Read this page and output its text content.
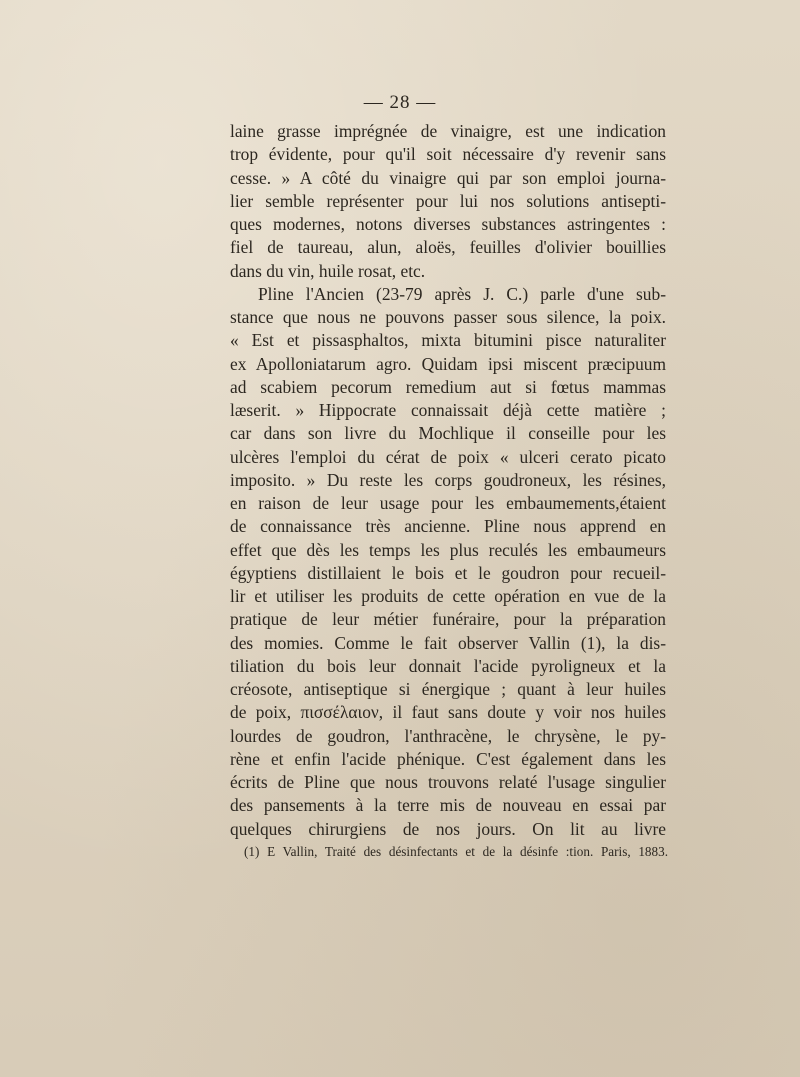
— 28 —
laine grasse imprégnée de vinaigre, est une indication
trop évidente, pour qu'il soit nécessaire d'y revenir sans
cesse. » A côté du vinaigre qui par son emploi journa-
lier semble représenter pour lui nos solutions antisepti-
ques modernes, notons diverses substances astringentes :
fiel de taureau, alun, aloës, feuilles d'olivier bouillies
dans du vin, huile rosat, etc.
Pline l'Ancien (23-79 après J. C.) parle d'une sub-
stance que nous ne pouvons passer sous silence, la poix.
« Est et pissasphaltos, mixta bitumini pisce naturaliter
ex Apolloniatarum agro. Quidam ipsi miscent præcipuum
ad scabiem pecorum remedium aut si fœtus mammas
læserit. » Hippocrate connaissait déjà cette matière ;
car dans son livre du Mochlique il conseille pour les
ulcères l'emploi du cérat de poix « ulceri cerato picato
imposito. » Du reste les corps goudroneux, les résines,
en raison de leur usage pour les embaumements,étaient
de connaissance très ancienne. Pline nous apprend en
effet que dès les temps les plus reculés les embaumeurs
égyptiens distillaient le bois et le goudron pour recueil-
lir et utiliser les produits de cette opération en vue de la
pratique de leur métier funéraire, pour la préparation
des momies. Comme le fait observer Vallin (1), la dis-
tiliation du bois leur donnait l'acide pyroligneux et la
créosote, antiseptique si énergique ; quant à leur huiles
de poix, πισσέλαιον, il faut sans doute y voir nos huiles
lourdes de goudron, l'anthracène, le chrysène, le py-
rène et enfin l'acide phénique. C'est également dans les
écrits de Pline que nous trouvons relaté l'usage singulier
des pansements à la terre mis de nouveau en essai par
quelques chirurgiens de nos jours. On lit au livre
(1) E Vallin, Traité des désinfectants et de la désinfe :tion. Paris, 1883.
